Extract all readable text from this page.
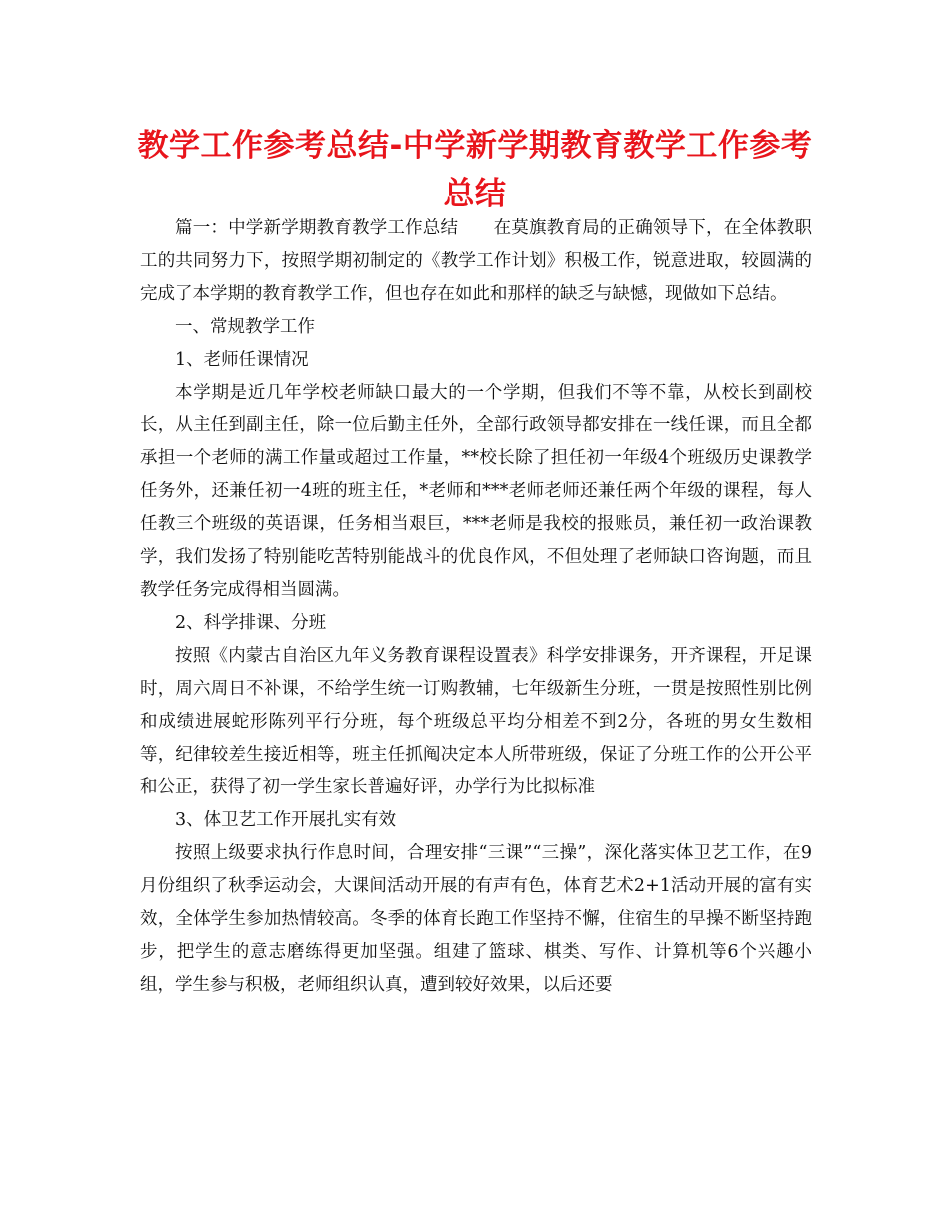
教学工作参考总结-中学新学期教育教学工作参考总结

篇一：中学新学期教育教学工作总结　　在莫旗教育局的正确领导下，在全体教职工的共同努力下，按照学期初制定的《教学工作计划》积极工作，锐意进取，较圆满的完成了本学期的教育教学工作，但也存在如此和那样的缺乏与缺憾，现做如下总结。

一、常规教学工作

1、老师任课情况

本学期是近几年学校老师缺口最大的一个学期，但我们不等不靠，从校长到副校长，从主任到副主任，除一位后勤主任外，全部行政领导都安排在一线任课，而且全都承担一个老师的满工作量或超过工作量，**校长除了担任初一年级4个班级历史课教学任务外，还兼任初一4班的班主任，*老师和***老师老师还兼任两个年级的课程，每人任教三个班级的英语课，任务相当艰巨，***老师是我校的报账员，兼任初一政治课教学，我们发扬了特别能吃苦特别能战斗的优良作风，不但处理了老师缺口咨询题，而且教学任务完成得相当圆满。

2、科学排课、分班

按照《内蒙古自治区九年义务教育课程设置表》科学安排课务，开齐课程，开足课时，周六周日不补课，不给学生统一订购教辅，七年级新生分班，一贯是按照性别比例和成绩进展蛇形陈列平行分班，每个班级总平均分相差不到2分，各班的男女生数相等，纪律较差生接近相等，班主任抓阄决定本人所带班级，保证了分班工作的公开公平和公正，获得了初一学生家长普遍好评，办学行为比拟标准

3、体卫艺工作开展扎实有效

按照上级要求执行作息时间，合理安排“三课”“三操”，深化落实体卫艺工作，在9月份组织了秋季运动会，大课间活动开展的有声有色，体育艺术2+1活动开展的富有实效，全体学生参加热情较高。冬季的体育长跑工作坚持不懈，住宿生的早操不断坚持跑步，把学生的意志磨练得更加坚强。组建了篮球、棋类、写作、计算机等6个兴趣小组，学生参与积极，老师组织认真，遭到较好效果，以后还要
